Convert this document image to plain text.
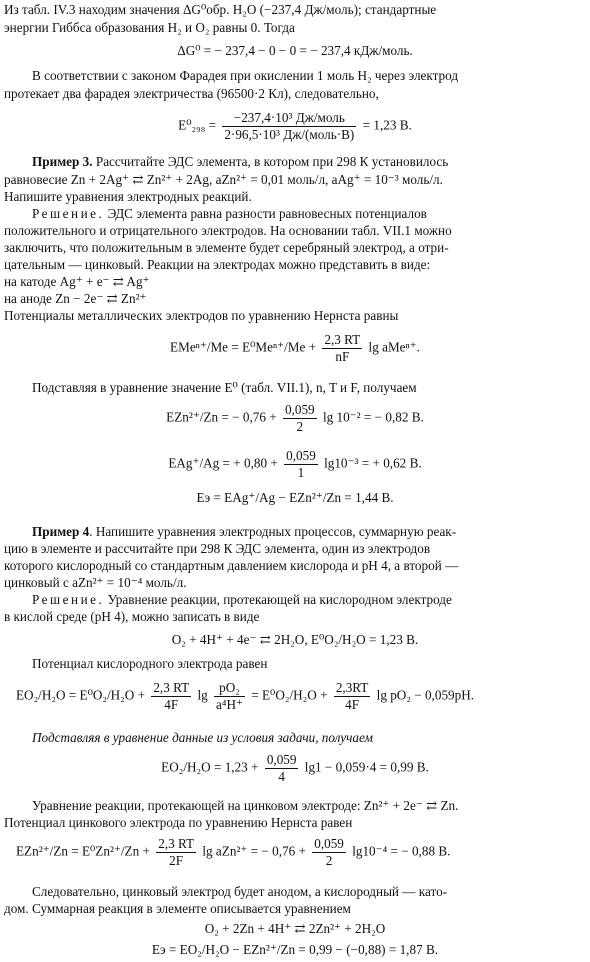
Из табл. IV.3 находим значения ΔG⁰обр. H₂O (−237,4 Дж/моль); стандартные
энергии Гиббса образования H₂ и O₂ равны 0. Тогда
ΔG⁰ = − 237,4 − 0 − 0 = − 237,4 кДж/моль.
В соответствии с законом Фарадея при окислении 1 моль H₂ через электрод
протекает два фарадея электричества (96500·2 Кл), следовательно,
$E^0_{298} = \frac{\text{−237,4·10³ Дж/моль}}{\text{2·96,5·10³ Дж/(моль·В)}} = 1,23$ В.
Пример 3. Рассчитайте ЭДС элемента, в котором при 298 К установилось
равновесие Zn + 2Ag⁺ ⇄ Zn²⁺ + 2Ag, aZn²⁺ = 0,01 моль/л, aAg⁺ = 10⁻³ моль/л.
Напишите уравнения электродных реакций.
Решение. ЭДС элемента равна разности равновесных потенциалов
положительного и отрицательного электродов. На основании табл. VII.1 можно
заключить, что положительным в элементе будет серебряный электрод, а отри-
цательным — цинковый. Реакции на электродах можно представить в виде:
на катоде Ag⁺ + e⁻ ⇄ Ag⁺
на аноде Zn − 2e⁻ ⇄ Zn²⁺
Потенциалы металлических электродов по уравнению Нернста равны
$EMe^{n+}/Me = E^0Me^{n+}/Me + \frac{2,3 RT}{nF}$ lg aMeⁿ⁺.
Подставляя в уравнение значение E⁰ (табл. VII.1), n, T и F, получаем
EZn²⁺/Zn = − $0,76 + \frac{0,059}{2}$ lg 10⁻² = − 0,82 В.
EAg⁺/Ag = + $0,80 + \frac{0,059}{1} \lg 10^{-3}$ = + 0,62 В.
Eэ = EAg⁺/Ag − EZn²⁺/Zn = 1,44 В.
Пример 4. Напишите уравнения электродных процессов, суммарную реак-
цию в элементе и рассчитайте при 298 К ЭДС элемента, один из электродов
которого кислородный со стандартным давлением кислорода и pH 4, а второй —
цинковый с aZn²⁺ = 10⁻⁴ моль/л.
Решение. Уравнение реакции, протекающей на кислородном электроде
в кислой среде (pH 4), можно записать в виде
O₂ + 4H⁺ + 4e⁻ ⇄ 2H₂O, E⁰O₂/H₂O = 1,23 В.
Потенциал кислородного электрода равен
$EO_2/H_2O = E^0O_2/H_2O + \frac{2,3 RT}{4F}$ $\lg \frac{\text{pO₂}}{\text{a⁴H⁺}} = E^0O_2/H_2O + \frac{2,3RT}{4F}$ lg pO₂ − 0,059pH.
Подставляя в уравнение данные из условия задачи, получаем
$EO_2/H_2O = 1,23 + \frac{0,059}{4} \lg 1 - 0,059\cdot 4 = 0,99$ В.
Уравнение реакции, протекающей на цинковом электроде: Zn²⁺ + 2e⁻ ⇄ Zn.
Потенциал цинкового электрода по уравнению Нернста равен
$EZn^{2+}/Zn = E^0Zn^{2+}/Zn + \frac{2,3 RT}{2F}$ lg aZn²⁺ = − $0,76 + \frac{0,059}{2} \lg 10^{-4}$ = − 0,88 В.
Следовательно, цинковый электрод будет анодом, а кислородный — като-
дом. Суммарная реакция в элементе описывается уравнением
O₂ + 2Zn + 4H⁺ ⇄ 2Zn²⁺ + 2H₂O
Eэ = EO₂/H₂O − EZn²⁺/Zn = 0,99 − (−0,88) = 1,87 В.
